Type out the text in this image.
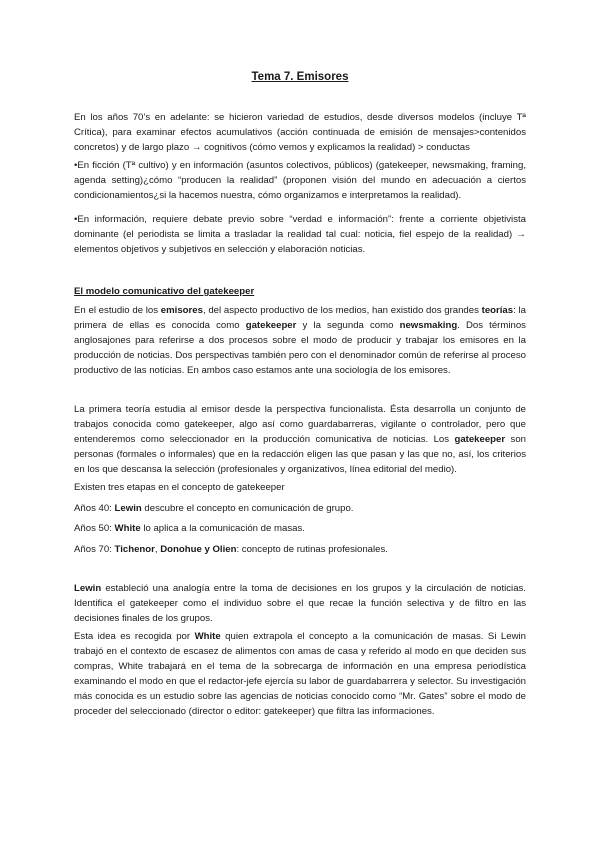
Tema 7. Emisores

En los años 70’s en adelante: se hicieron variedad de estudios, desde diversos modelos (incluye Tª Crítica), para examinar efectos acumulativos (acción continuada de emisión de mensajes>contenidos concretos) y de largo plazo → cognitivos (cómo vemos y explicamos la realidad) > conductas

•En ficción (Tª cultivo) y en información (asuntos colectivos, públicos) (gatekeeper, newsmaking, framing, agenda setting)¿cómo “producen la realidad” (proponen visión del mundo en adecuación a ciertos condicionamientos¿si la hacemos nuestra, cómo organizamos e interpretamos la realidad).

•En información, requiere debate previo sobre “verdad e información”: frente a corriente objetivista dominante (el periodista se limita a trasladar la realidad tal cual: noticia, fiel espejo de la realidad) → elementos objetivos y subjetivos en selección y elaboración noticias.

El modelo comunicativo del gatekeeper

En el estudio de los emisores, del aspecto productivo de los medios, han existido dos grandes teorías: la primera de ellas es conocida como gatekeeper y la segunda como newsmaking. Dos términos anglosajones para referirse a dos procesos sobre el modo de producir y trabajar los emisores en la producción de noticias. Dos perspectivas también pero con el denominador común de referirse al proceso productivo de las noticias. En ambos caso estamos ante una sociología de los emisores.

La primera teoría estudia al emisor desde la perspectiva funcionalista. Ésta desarrolla un conjunto de trabajos conocida como gatekeeper, algo así como guardabarreras, vigilante o controlador, pero que entenderemos como seleccionador en la producción comunicativa de noticias. Los gatekeeper son personas (formales o informales) que en la redacción eligen las que pasan y las que no, así, los criterios en los que descansa la selección (profesionales y organizativos, línea editorial del medio).

Existen tres etapas en el concepto de gatekeeper

Años 40: Lewin descubre el concepto en comunicación de grupo.

Años 50: White lo aplica a la comunicación de masas.

Años 70: Tichenor, Donohue y Olien: concepto de rutinas profesionales.

Lewin estableció una analogía entre la toma de decisiones en los grupos y la circulación de noticias. Identifica el gatekeeper como el individuo sobre el que recae la función selectiva y de filtro en las decisiones finales de los grupos.

Esta idea es recogida por White quien extrapola el concepto a la comunicación de masas. Si Lewin trabajó en el contexto de escasez de alimentos con amas de casa y referido al modo en que deciden sus compras, White trabajará en el tema de la sobrecarga de información en una empresa periodística examinando el modo en que el redactor-jefe ejercía su labor de guardabarrera y selector. Su investigación más conocida es un estudio sobre las agencias de noticias conocido como “Mr. Gates” sobre el modo de proceder del seleccionado (director o editor: gatekeeper) que filtra las informaciones.
